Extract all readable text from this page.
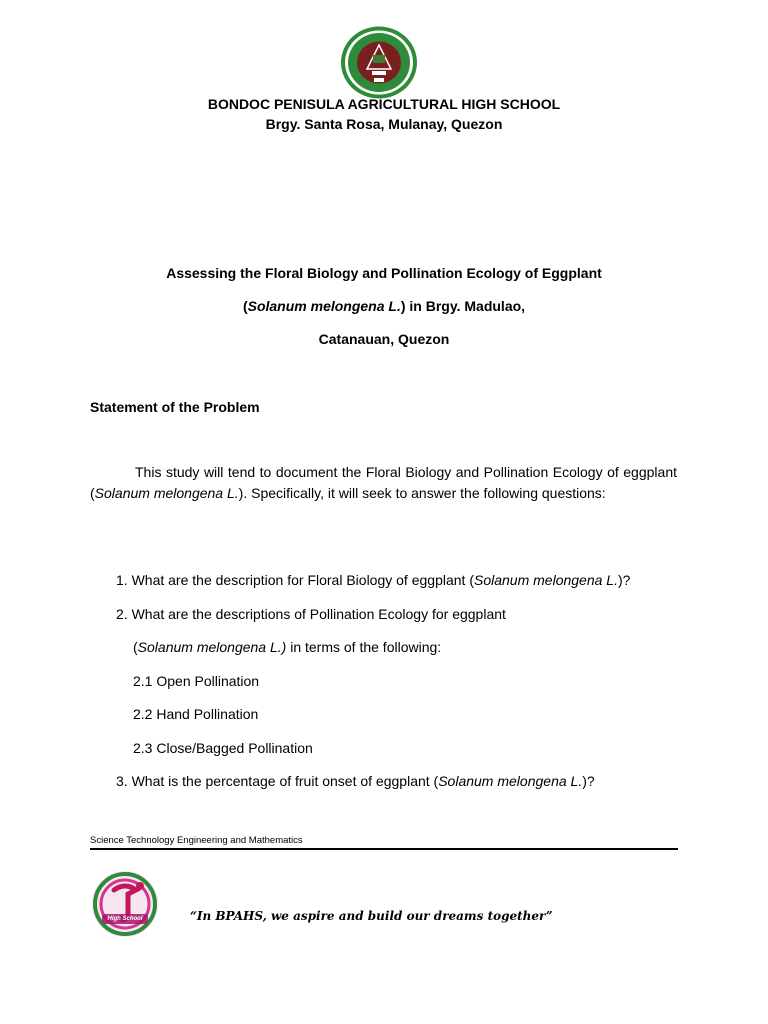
BONDOC PENISULA AGRICULTURAL HIGH SCHOOL
Brgy. Santa Rosa, Mulanay, Quezon
Assessing the Floral Biology and Pollination Ecology of Eggplant
(Solanum melongena L.) in Brgy. Madulao,
Catanauan, Quezon
Statement of the Problem
This study will tend to document the Floral Biology and Pollination Ecology of eggplant (Solanum melongena L.). Specifically, it will seek to answer the following questions:
1. What are the description for Floral Biology of eggplant (Solanum melongena L.)?
2. What are the descriptions of Pollination Ecology for eggplant
(Solanum melongena L.) in terms of the following:
2.1 Open Pollination
2.2 Hand Pollination
2.3 Close/Bagged Pollination
3. What is the percentage of fruit onset of eggplant (Solanum melongena L.)?
Science Technology Engineering and Mathematics
High School	“In BPAHS, we aspire and build our dreams together”
